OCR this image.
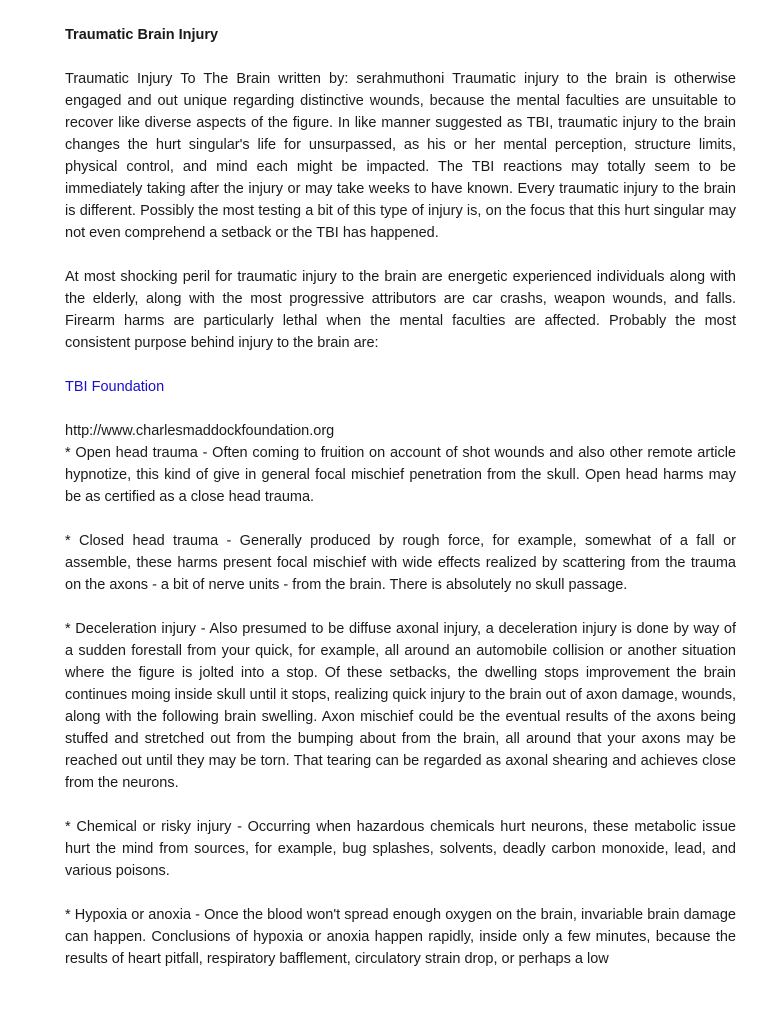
Traumatic Brain Injury

Traumatic Injury To The Brain written by: serahmuthoni Traumatic injury to the brain is otherwise engaged and out unique regarding distinctive wounds, because the mental faculties are unsuitable to recover like diverse aspects of the figure. In like manner suggested as TBI, traumatic injury to the brain changes the hurt singular's life for unsurpassed, as his or her mental perception, structure limits, physical control, and mind each might be impacted. The TBI reactions may totally seem to be immediately taking after the injury or may take weeks to have known. Every traumatic injury to the brain is different. Possibly the most testing a bit of this type of injury is, on the focus that this hurt singular may not even comprehend a setback or the TBI has happened.

At most shocking peril for traumatic injury to the brain are energetic experienced individuals along with the elderly, along with the most progressive attributors are car crashs, weapon wounds, and falls. Firearm harms are particularly lethal when the mental faculties are affected. Probably the most consistent purpose behind injury to the brain are:

TBI Foundation
http://www.charlesmaddockfoundation.org

* Open head trauma - Often coming to fruition on account of shot wounds and also other remote article hypnotize, this kind of give in general focal mischief penetration from the skull. Open head harms may be as certified as a close head trauma.

* Closed head trauma - Generally produced by rough force, for example, somewhat of a fall or assemble, these harms present focal mischief with wide effects realized by scattering from the trauma on the axons - a bit of nerve units - from the brain. There is absolutely no skull passage.

* Deceleration injury - Also presumed to be diffuse axonal injury, a deceleration injury is done by way of a sudden forestall from your quick, for example, all around an automobile collision or another situation where the figure is jolted into a stop. Of these setbacks, the dwelling stops improvement the brain continues moing inside skull until it stops, realizing quick injury to the brain out of axon damage, wounds, along with the following brain swelling. Axon mischief could be the eventual results of the axons being stuffed and stretched out from the bumping about from the brain, all around that your axons may be reached out until they may be torn. That tearing can be regarded as axonal shearing and achieves close from the neurons.

* Chemical or risky injury - Occurring when hazardous chemicals hurt neurons, these metabolic issue hurt the mind from sources, for example, bug splashes, solvents, deadly carbon monoxide, lead, and various poisons.

* Hypoxia or anoxia - Once the blood won't spread enough oxygen on the brain, invariable brain damage can happen. Conclusions of hypoxia or anoxia happen rapidly, inside only a few minutes, because the results of heart pitfall, respiratory bafflement, circulatory strain drop, or perhaps a low
